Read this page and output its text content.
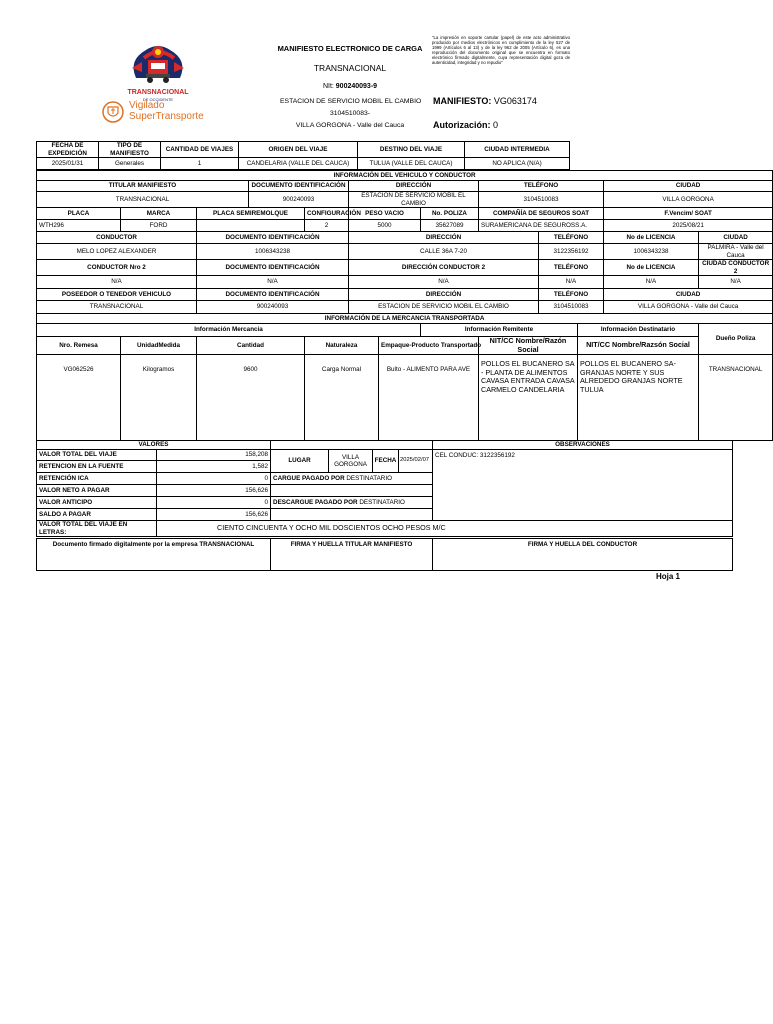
TRANSNACIONAL
DE OCCIDENTE
Vigilado
SuperTransporte
MANIFIESTO ELECTRONICO DE CARGA
TRANSNACIONAL
NIt: 900240093-9
ESTACION DE SERVICIO MOBIL EL CAMBIO
3104510083-
VILLA GORGONA - Valle del Cauca
MANIFIESTO: VG063174
Autorización: 0
"La impresión en soporte cartular (papel) de este acto administrativo producido por medios electrónicos en cumplimiento de la ley 527 de 1999 (Artículos 6 al 13) y de la ley 962 de 2005 (Artículo 6), es una reproducción del documento original que se encuentra en formato electrónico firmado digitalmente, cuya representación digital goza de autenticidad, integridad y no repudio"
FECHA DE EXPEDICIÓN	TIPO DE MANIFIESTO	CANTIDAD DE VIAJES	ORIGEN DEL VIAJE	DESTINO DEL VIAJE	CIUDAD INTERMEDIA
2025/01/31	Generales	1	CANDELARIA (VALLE DEL CAUCA)	TULUA (VALLE DEL CAUCA)	NO APLICA (N/A)
INFORMACIÓN DEL VEHICULO Y CONDUCTOR												
TITULAR MANIFIESTO			DOCUMENTO IDENTIFICACIÓN		DIRECCIÓN			TELÉFONO			CIUDAD	
TRANSNACIONAL			900240093		ESTACION DE SERVICIO MOBIL EL CAMBIO			3104510083			VILLA GORGONA	
PLACA	MARCA	PLACA SEMIREMOLQUE		CONFIGURACIÓN	PESO VACIO		No. POLIZA	COMPAÑÍA DE SEGUROS SOAT			F.Vencim/ SOAT	
WTH296	FORD			2	5000		35627089	SURAMERICANA DE SEGUROSS.A.			2025/08/21	
CONDUCTOR		DOCUMENTO IDENTIFICACIÓN			DIRECCIÓN				TELÉFONO		No de LICENCIA	CIUDAD
MELO LOPEZ ALEXANDER		1006343238			CALLE 36A 7-20				3122356192		1006343238	PALMIRA - Valle del Cauca
CONDUCTOR Nro 2		DOCUMENTO IDENTIFICACIÓN			DIRECCIÓN CONDUCTOR 2				TELÉFONO		No de LICENCIA	CIUDAD CONDUCTOR 2
N/A		N/A			N/A				N/A		N/A	N/A
POSEEDOR O TENEDOR VEHICULO		DOCUMENTO IDENTIFICACIÓN			DIRECCIÓN				TELÉFONO		CIUDAD	
TRANSNACIONAL		900240093			ESTACION DE SERVICIO MOBIL EL CAMBIO				3104510083		VILLA GORGONA - Valle del Cauca	
INFORMACIÓN DE LA MERCANCIA TRANSPORTADA												
Información Mercancia							Información Remitente			Información Destinatario		Dueño Poliza
Nro. Remesa	UnidadMedida	Cantidad		Naturaleza		Empaque-Producto Transportado		NIT/CC Nombre/Razón Social		NIT/CC Nombre/Razsón Social		
VG062526	Kilogramos	9600		Carga Normal		Bulto - ALIMENTO PARA AVE		POLLOS EL BUCANERO SA - PLANTA DE ALIMENTOS CAVASA ENTRADA CAVASA CARMELO CANDELARIA		POLLOS EL BUCANERO SA-GRANJAS NORTE Y SUS ALREDEDO GRANJAS NORTE TULUA		TRANSNACIONAL
VALORES						OBSERVACIONES
VALOR TOTAL DEL VIAJE	158,208	LUGAR	VILLA GORGONA	FECHA	2025/02/07	CEL CONDUC: 3122356192
RETENCION EN LA FUENTE	1,582					
RETENCIÓN ICA	0	CARGUE PAGADO POR DESTINATARIO				
VALOR NETO A PAGAR	156,626					
VALOR ANTICIPO	0	DESCARGUE PAGADO POR DESTINATARIO				
SALDO A PAGAR	156,626					
VALOR TOTAL DEL VIAJE EN LETRAS:	CIENTO CINCUENTA Y OCHO MIL DOSCIENTOS OCHO PESOS M/C					
Documento firmado digitalmente por la empresa TRANSNACIONAL	FIRMA Y HUELLA TITULAR MANIFIESTO	FIRMA Y HUELLA DEL CONDUCTOR
Hoja 1
